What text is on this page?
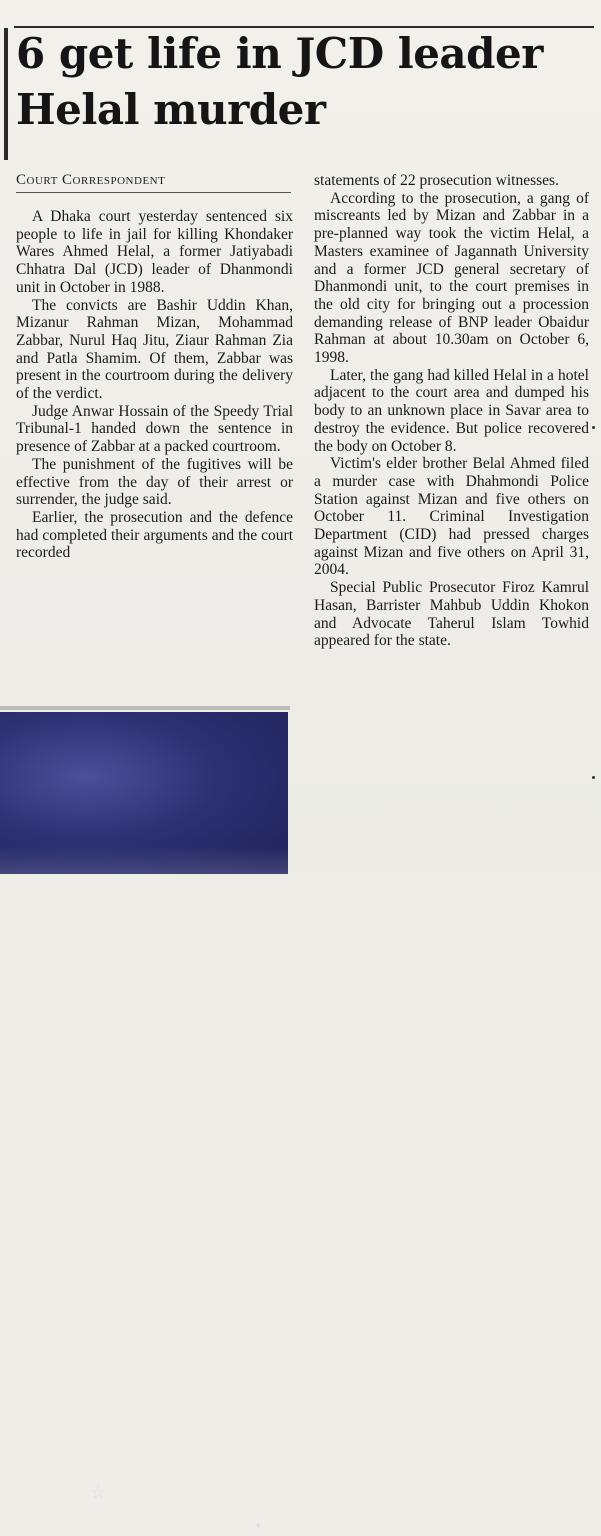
6 get life in JCD leader
Helal murder
Court Correspondent

A Dhaka court yesterday sentenced six people to life in jail for killing Khondaker Wares Ahmed Helal, a former Jatiyabadi Chhatra Dal (JCD) leader of Dhanmondi unit in October in 1988.

The convicts are Bashir Uddin Khan, Mizanur Rahman Mizan, Mohammad Zabbar, Nurul Haq Jitu, Ziaur Rahman Zia and Patla Shamim. Of them, Zabbar was present in the courtroom during the delivery of the verdict.

Judge Anwar Hossain of the Speedy Trial Tribunal-1 handed down the sentence in presence of Zabbar at a packed courtroom.

The punishment of the fugitives will be effective from the day of their arrest or surrender, the judge said.

Earlier, the prosecution and the defence had completed their arguments and the court recorded

statements of 22 prosecution witnesses.

According to the prosecution, a gang of miscreants led by Mizan and Zabbar in a pre-planned way took the victim Helal, a Masters examinee of Jagannath University and a former JCD general secretary of Dhanmondi unit, to the court premises in the old city for bringing out a procession demanding release of BNP leader Obaidur Rahman at about 10.30am on October 6, 1998.

Later, the gang had killed Helal in a hotel adjacent to the court area and dumped his body to an unknown place in Savar area to destroy the evidence. But police recovered the body on October 8.

Victim's elder brother Belal Ahmed filed a murder case with Dhahmondi Police Station against Mizan and five others on October 11. Criminal Investigation Department (CID) had pressed charges against Mizan and five others on April 31, 2004.

Special Public Prosecutor Firoz Kamrul Hasan, Barrister Mahbub Uddin Khokon and Advocate Taherul Islam Towhid appeared for the state.

☆
✦
